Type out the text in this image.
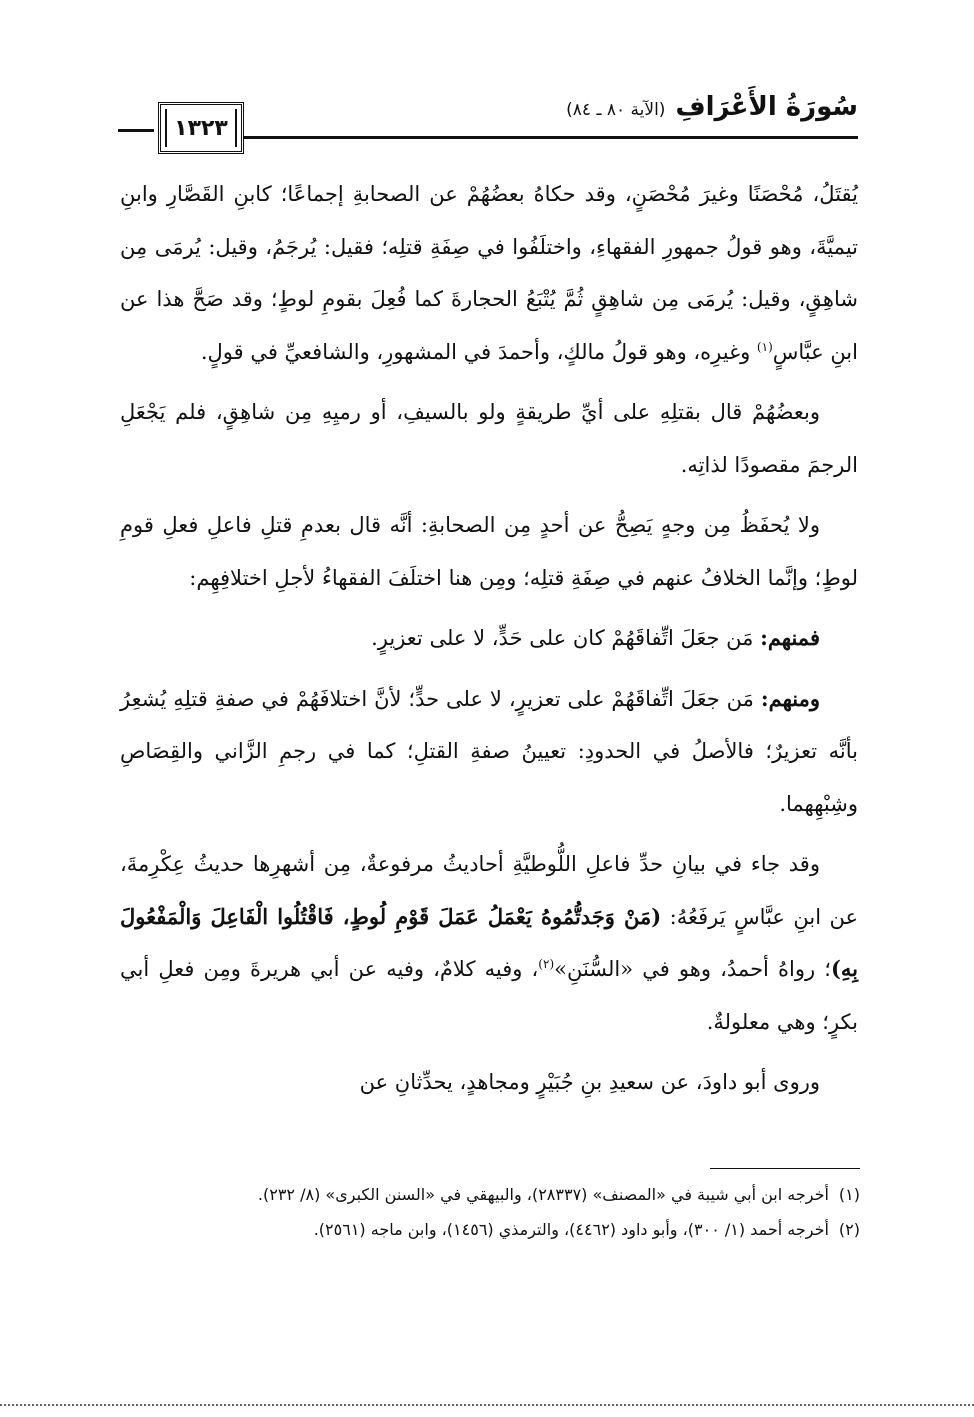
سُورَةُ الأَعْرَافِ
(الآية ٨٠ ـ ٨٤)
١٣٢٣

يُقتَلُ، مُحْصَنًا وغيرَ مُحْصَنٍ، وقد حكاهُ بعضُهُمْ عن الصحابةِ إجماعًا؛ كابنِ القَصَّارِ وابنِ تيميَّةَ، وهو قولُ جمهورِ الفقهاءِ، واختلَفُوا في صِفَةِ قتلِه؛ فقيل: يُرجَمُ، وقيل: يُرمَى مِن شاهِقٍ، وقيل: يُرمَى مِن شاهِقٍ ثُمَّ يُتْبَعُ الحجارةَ كما فُعِلَ بقومِ لوطٍ؛ وقد صَحَّ هذا عن ابنِ عبَّاسٍ$^{(١)}$ وغيرِه، وهو قولُ مالكٍ، وأحمدَ في المشهورِ، والشافعيِّ في قولٍ.

وبعضُهُمْ قال بقتلِهِ على أيِّ طريقةٍ ولو بالسيفِ، أو رميِهِ مِن شاهِقٍ، فلم يَجْعَلِ الرجمَ مقصودًا لذاتِه.

ولا يُحفَظُ مِن وجهٍ يَصِحُّ عن أحدٍ مِن الصحابةِ: أنَّه قال بعدمِ قتلِ فاعلِ فعلِ قومِ لوطٍ؛ وإنَّما الخلافُ عنهم في صِفَةِ قتلِه؛ ومِن هنا اختلَفَ الفقهاءُ لأجلِ اختلافِهِم:

فمنهم: مَن جعَلَ اتِّفاقَهُمْ كان على حَدٍّ، لا على تعزيرٍ.

ومنهم: مَن جعَلَ اتِّفاقَهُمْ على تعزيرٍ، لا على حدٍّ؛ لأنَّ اختلافَهُمْ في صفةِ قتلِهِ يُشعِرُ بأنَّه تعزيرٌ؛ فالأصلُ في الحدودِ: تعيينُ صفةِ القتلِ؛ كما في رجمِ الزَّاني والقِصَاصِ وشِبْهِهما.

وقد جاء في بيانِ حدِّ فاعلِ اللُّوطيَّةِ أحاديثُ مرفوعةٌ، مِن أشهرِها حديثُ عِكْرِمةَ، عن ابنِ عبَّاسٍ يَرفَعُهُ: (مَنْ وَجَدتُّمُوهُ يَعْمَلُ عَمَلَ قَوْمِ لُوطٍ، فَاقْتُلُوا الْفَاعِلَ وَالْمَفْعُولَ بِهِ)؛ رواهُ أحمدُ، وهو في «السُّنَنِ»$^{(٢)}$، وفيه كلامٌ، وفيه عن أبي هريرةَ ومِن فعلِ أبي بكرٍ؛ وهي معلولةٌ.

وروى أبو داودَ، عن سعيدِ بنِ جُبَيْرٍ ومجاهدٍ، يحدِّثانِ عن

(١)
أخرجه ابن أبي شيبة في «المصنف» (٢٨٣٣٧)، والبيهقي في «السنن الكبرى» (٨/ ٢٣٢).
(٢)
أخرجه أحمد (١/ ٣٠٠)، وأبو داود (٤٤٦٢)، والترمذي (١٤٥٦)، وابن ماجه (٢٥٦١).
